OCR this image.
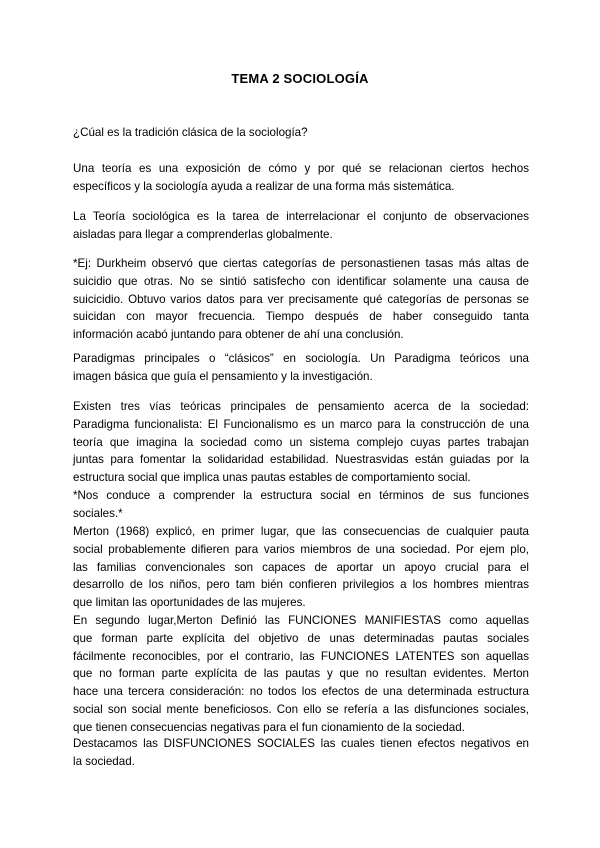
TEMA 2 SOCIOLOGÍA

¿Cúal es la tradición clásica de la sociología?

Una teoría es una exposición de cómo y por qué se relacionan ciertos hechos
específicos y la sociología ayuda a realizar de una forma más sistemática.

La Teoría sociológica es la tarea de interrelacionar el conjunto de observaciones
aisladas para llegar a comprenderlas globalmente.

*Ej: Durkheim observó que ciertas categorías de personastienen tasas más altas de
suicidio que otras. No se sintió satisfecho con identificar solamente una causa de
suicicidio. Obtuvo varios datos para ver precisamente qué categorías de personas se
suicidan con mayor frecuencia. Tiempo después de haber conseguido tanta
información acabó juntando para obtener de ahí una conclusión.

Paradigmas principales o “clásicos” en sociología. Un Paradigma teóricos una
imagen básica que guía el pensamiento y la investigación.

Existen tres vías teóricas principales de pensamiento acerca de la sociedad:
Paradigma funcionalista: El Funcionalismo es un marco para la construcción de una
teoría que imagina la sociedad como un sistema complejo cuyas partes trabajan
juntas para fomentar la solidaridad estabilidad. Nuestrasvidas están guiadas por la
estructura social que implica unas pautas estables de comportamiento social.
*Nos conduce a comprender la estructura social en términos de sus funciones
sociales.*

Merton (1968) explicó, en primer lugar, que las consecuencias de cualquier pauta
social probablemente difieren para varios miembros de una sociedad. Por ejem plo,
las familias convencionales son capaces de aportar un apoyo crucial para el
desarrollo de los niños, pero tam bién confieren privilegios a los hombres mientras
que limitan las oportunidades de las mujeres.
En segundo lugar,Merton Definió las FUNCIONES MANIFIESTAS como aquellas
que forman parte explícita del objetivo de unas determinadas pautas sociales
fácilmente reconocibles, por el contrario, las FUNCIONES LATENTES son aquellas
que no forman parte explícita de las pautas y que no resultan evidentes. Merton
hace una tercera consideración: no todos los efectos de una determinada estructura
social son social mente beneficiosos. Con ello se refería a las disfunciones sociales,
que tienen consecuencias negativas para el fun cionamiento de la sociedad.

Destacamos las DISFUNCIONES SOCIALES las cuales tienen efectos negativos en
la sociedad.
